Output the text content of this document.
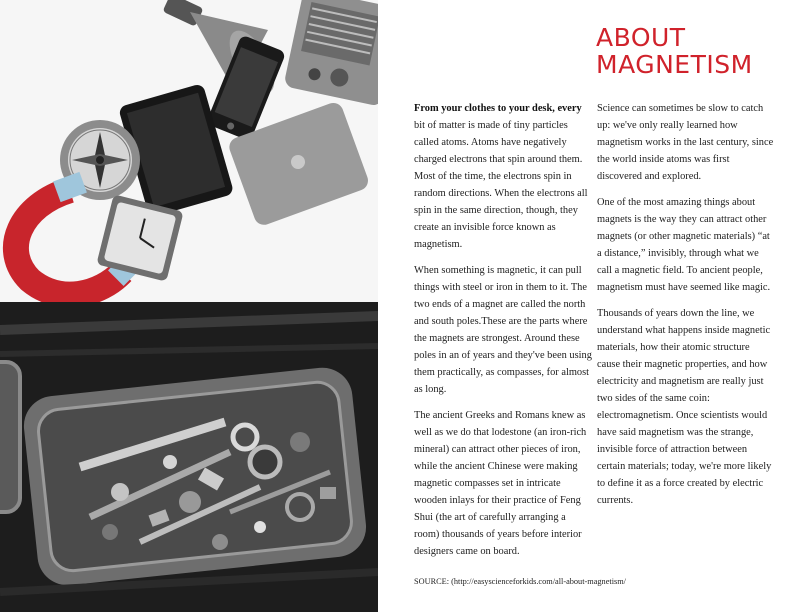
ABOUT
MAGNETISM

From your clothes to your desk, every bit of matter is made of tiny particles called atoms. Atoms have negatively charged electrons that spin around them. Most of the time, the electrons spin in random directions. When the electrons all spin in the same direction, though, they create an invisible force known as magnetism.

When something is magnetic, it can pull things with steel or iron in them to it. The two ends of a magnet are called the north and south poles.These are the parts where the magnets are strongest. Around these poles in an of years and they've been using them practically, as compasses, for almost as long.

The ancient Greeks and Romans knew as well as we do that lodestone (an iron-rich mineral) can attract other pieces of iron, while the ancient Chinese were making magnetic compasses set in intricate wooden inlays for their practice of Feng Shui (the art of carefully arranging a room) thousands of years before interior designers came on board.

Science can sometimes be slow to catch up: we've only really learned how magnetism works in the last century, since the world inside atoms was first discovered and explored.

One of the most amazing things about magnets is the way they can attract other magnets (or other magnetic materials) “at a distance,” invisibly, through what we call a magnetic field. To ancient people, magnetism must have seemed like magic.

Thousands of years down the line, we understand what happens inside magnetic materials, how their atomic structure cause their magnetic properties, and how electricity and magnetism are really just two sides of the same coin: electromagnetism. Once scientists would have said magnetism was the strange, invisible force of attraction between certain materials; today, we're more likely to define it as a force created by electric currents.

SOURCE: (http://easyscienceforkids.com/all-about-magnetism/
